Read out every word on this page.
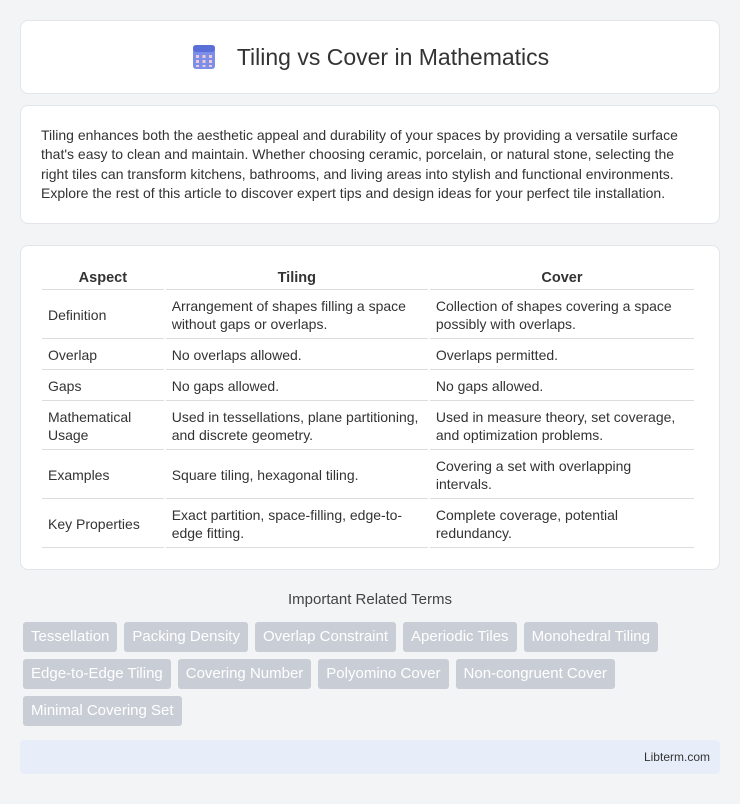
Tiling vs Cover in Mathematics

Tiling enhances both the aesthetic appeal and durability of your spaces by providing a versatile surface that's easy to clean and maintain. Whether choosing ceramic, porcelain, or natural stone, selecting the right tiles can transform kitchens, bathrooms, and living areas into stylish and functional environments. Explore the rest of this article to discover expert tips and design ideas for your perfect tile installation.

Aspect	Tiling	Cover
Definition	Arrangement of shapes filling a space without gaps or overlaps.	Collection of shapes covering a space possibly with overlaps.
Overlap	No overlaps allowed.	Overlaps permitted.
Gaps	No gaps allowed.	No gaps allowed.
Mathematical Usage	Used in tessellations, plane partitioning, and discrete geometry.	Used in measure theory, set coverage, and optimization problems.
Examples	Square tiling, hexagonal tiling.	Covering a set with overlapping intervals.
Key Properties	Exact partition, space-filling, edge-to-edge fitting.	Complete coverage, potential redundancy.
Important Related Terms
Tessellation	Packing Density	Overlap Constraint	Aperiodic Tiles	Monohedral Tiling
Edge-to-Edge Tiling	Covering Number	Polyomino Cover	Non-congruent Cover
Minimal Covering Set
Libterm.com
